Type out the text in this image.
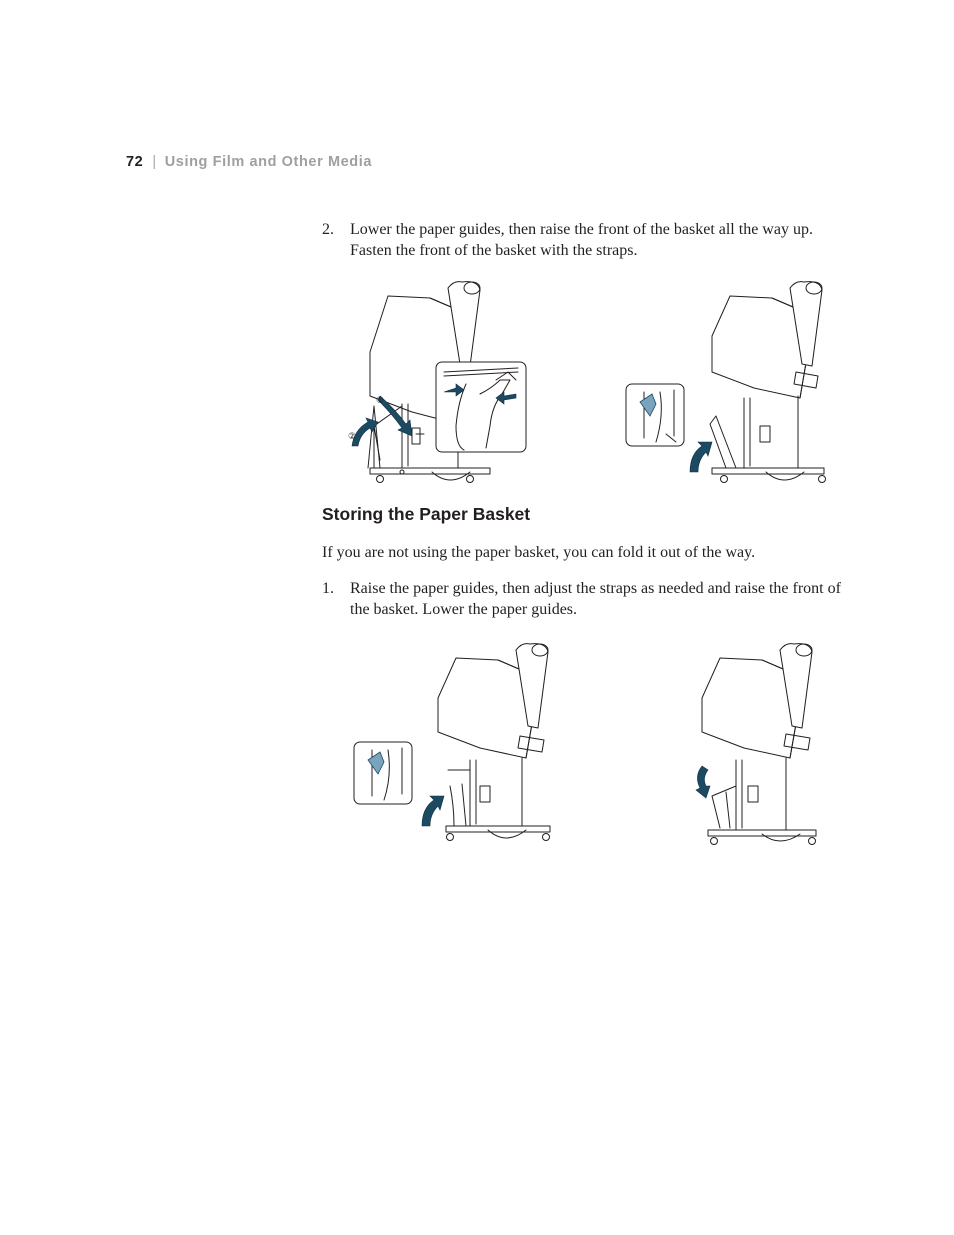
72 | Using Film and Other Media
2. Lower the paper guides, then raise the front of the basket all the way up. Fasten the front of the basket with the straps.
①
②
Storing the Paper Basket
If you are not using the paper basket, you can fold it out of the way.
1. Raise the paper guides, then adjust the straps as needed and raise the front of the basket. Lower the paper guides.
